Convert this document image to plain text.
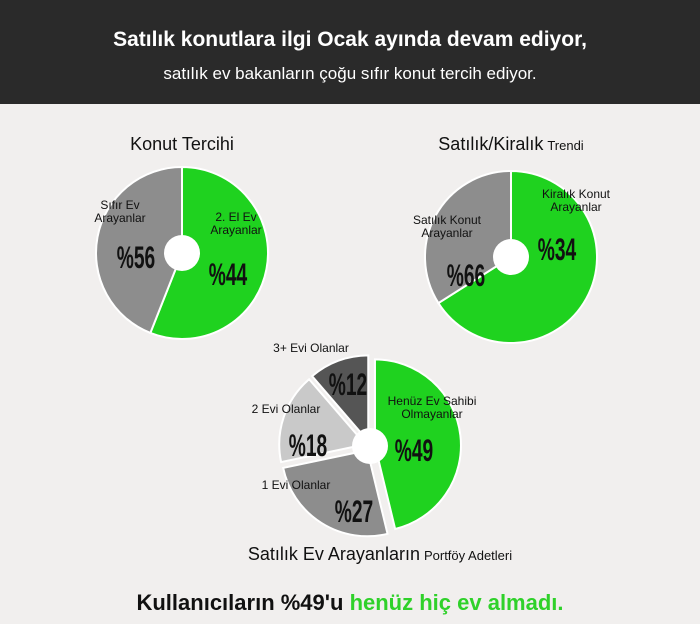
Satılık konutlara ilgi Ocak ayında devam ediyor,
satılık ev bakanların çoğu sıfır konut tercih ediyor.
Konut Tercihi
Sıfır Ev Arayanlar
%56
2. El Ev Arayanlar
%44
Satılık/Kiralık Trendi
Satılık Konut Arayanlar
%66
Kiralık Konut Arayanlar
%34
Satılık Ev Arayanların Portföy Adetleri
Henüz Ev Sahibi Olmayanlar
%49
1 Evi Olanlar
%27
2 Evi Olanlar
%18
3+ Evi Olanlar
%12
Kullanıcıların %49'u henüz hiç ev almadı.
